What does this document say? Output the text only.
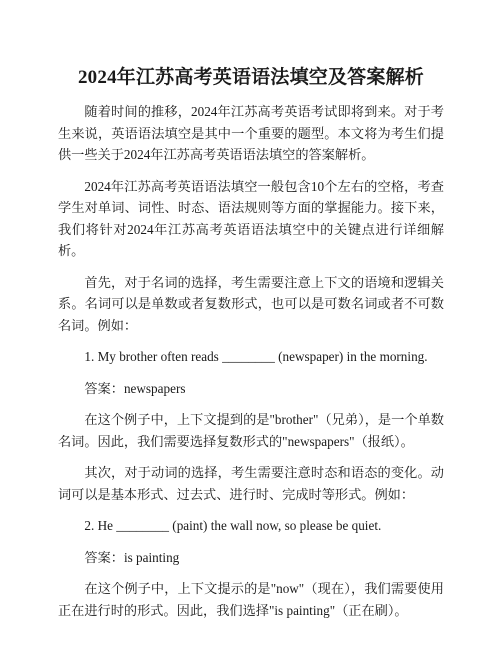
2024年江苏高考英语语法填空及答案解析

随着时间的推移，2024年江苏高考英语考试即将到来。对于考生来说，英语语法填空是其中一个重要的题型。本文将为考生们提供一些关于2024年江苏高考英语语法填空的答案解析。

2024年江苏高考英语语法填空一般包含10个左右的空格，考查学生对单词、词性、时态、语法规则等方面的掌握能力。接下来，我们将针对2024年江苏高考英语语法填空中的关键点进行详细解析。

首先，对于名词的选择，考生需要注意上下文的语境和逻辑关系。名词可以是单数或者复数形式，也可以是可数名词或者不可数名词。例如：

1. My brother often reads ________ (newspaper) in the morning.

答案：newspapers

在这个例子中，上下文提到的是"brother"（兄弟），是一个单数名词。因此，我们需要选择复数形式的"newspapers"（报纸）。

其次，对于动词的选择，考生需要注意时态和语态的变化。动词可以是基本形式、过去式、进行时、完成时等形式。例如：

2. He ________ (paint) the wall now, so please be quiet.

答案：is painting

在这个例子中，上下文提示的是"now"（现在），我们需要使用正在进行时的形式。因此，我们选择"is painting"（正在刷）。
